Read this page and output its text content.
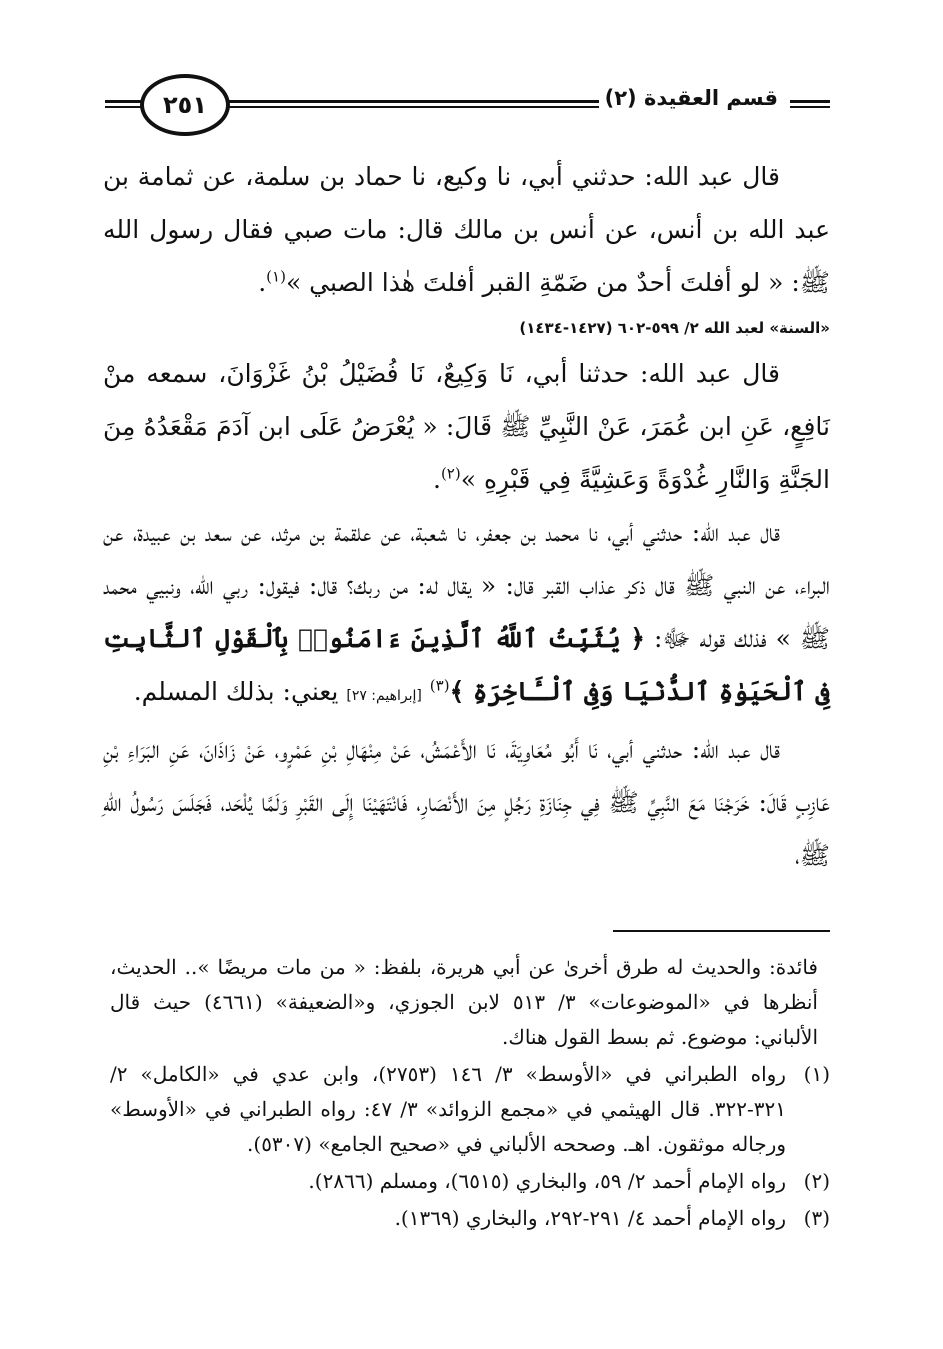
٢٥١	قسم العقيدة (٢)

قال عبد الله: حدثني أبي، نا وكيع، نا حماد بن سلمة، عن ثمامة بن عبد الله بن أنس، عن أنس بن مالك قال: مات صبي فقال رسول الله ﷺ: « لو أفلتَ أحدٌ من ضَمّةِ القبر أفلتَ هٰذا الصبي »$^{(١)}$.

«السنة» لعبد الله ٢/ ٥٩٩-٦٠٢ (١٤٢٧-١٤٣٤)

قال عبد الله: حدثنا أبي، نَا وَكِيعٌ، نَا فُضَيْلُ بْنُ غَزْوَانَ، سمعه منْ نَافِعٍ، عَنِ ابن عُمَرَ، عَنْ النَّبِيِّ ﷺ قَالَ: « يُعْرَضُ عَلَى ابن آدَمَ مَقْعَدُهُ مِنَ الجَنَّةِ وَالنَّارِ غُدْوَةً وَعَشِيَّةً فِي قَبْرِهِ »$^{(٢)}$.

قال عبد الله: حدثني أبي، نا محمد بن جعفر، نا شعبة، عن علقمة بن مرثد، عن سعد بن عبيدة، عن البراء، عن النبي ﷺ قال ذكر عذاب القبر قال: « يقال له: من ربك؟ قال: فيقول: ربي الله، ونبيي محمد ﷺ » فذلك قوله ﷻ: ﴿ يُثَبِّتُ ٱللَّهُ ٱلَّذِينَ ءَامَنُوا۟ بِٱلْقَوْلِ ٱلثَّابِتِ فِى ٱلْحَيَوٰةِ ٱلدُّنْيَا وَفِى ٱلْـَٔاخِرَةِ ﴾$^{(٣)}$ [إبراهيم: ٢٧] يعني: بذلك المسلم.

قال عبد الله: حدثني أبي، نَا أَبُو مُعَاوِيَةَ، نَا الأَعْمَشُ، عَنْ مِنْهَالِ بْنِ عَمْرٍو، عَنْ زَاذَانَ، عَنِ البَرَاءِ بْنِ عَازِبٍ قَالَ: خَرَجْنَا مَعَ النَّبِيِّ ﷺ فِي جِنَازَةِ رَجُلٍ مِنَ الأَنْصَارِ، فَانْتَهَيْنَا إِلَى القَبْرِ وَلَمَّا يُلْحَد، فَجَلَسَ رَسُولُ اللهِ ﷺ،

فائدة: والحديث له طرق أخرىٰ عن أبي هريرة، بلفظ: « من مات مريضًا ».. الحديث، أنظرها في «الموضوعات» ٣/ ٥١٣ لابن الجوزي، و«الضعيفة» (٤٦٦١) حيث قال الألباني: موضوع. ثم بسط القول هناك.

(١)
رواه الطبراني في «الأوسط» ٣/ ١٤٦ (٢٧٥٣)، وابن عدي في «الكامل» ٢/ ٣٢١-٣٢٢. قال الهيثمي في «مجمع الزوائد» ٣/ ٤٧: رواه الطبراني في «الأوسط» ورجاله موثقون. اهـ. وصححه الألباني في «صحيح الجامع» (٥٣٠٧).
(٢)
رواه الإمام أحمد ٢/ ٥٩، والبخاري (٦٥١٥)، ومسلم (٢٨٦٦).
(٣)
رواه الإمام أحمد ٤/ ٢٩١-٢٩٢، والبخاري (١٣٦٩).
